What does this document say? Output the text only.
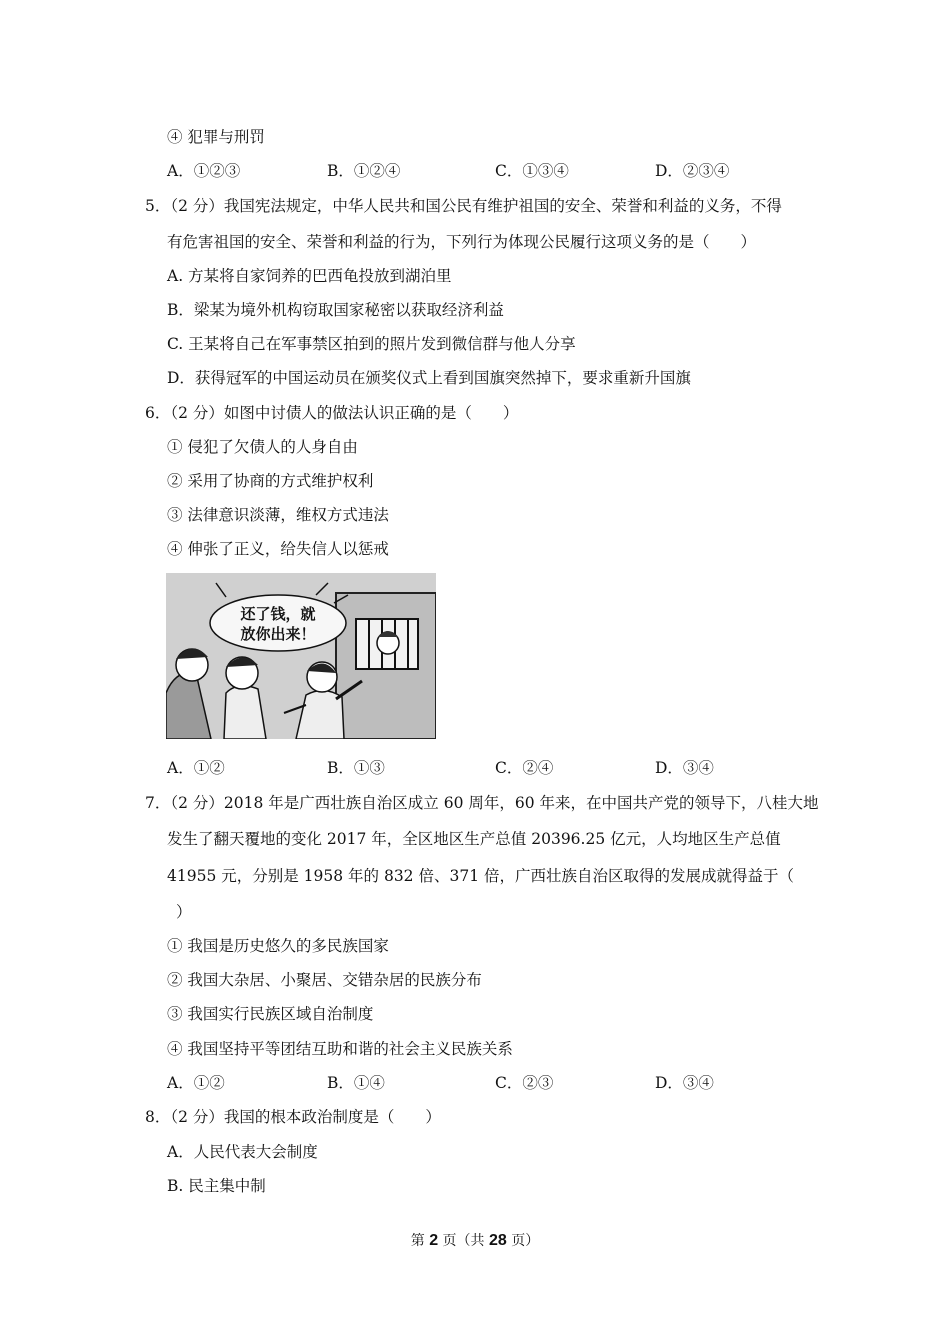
④ 犯罪与刑罚
A．①②③	B．①②④	C．①③④	D．②③④
5．（2 分）我国宪法规定，中华人民共和国公民有维护祖国的安全、荣誉和利益的义务，不得
有危害祖国的安全、荣誉和利益的行为，下列行为体现公民履行这项义务的是（　　）
A. 方某将自家饲养的巴西龟投放到湖泊里
B．梁某为境外机构窃取国家秘密以获取经济利益
C. 王某将自己在军事禁区拍到的照片发到微信群与他人分享
D．获得冠军的中国运动员在颁奖仪式上看到国旗突然掉下，要求重新升国旗
6．（2 分）如图中讨债人的做法认识正确的是（　　）
① 侵犯了欠债人的人身自由
② 采用了协商的方式维护权利
③ 法律意识淡薄，维权方式违法
④ 伸张了正义，给失信人以惩戒
还了钱，就
放你出来！
A．①②	B．①③	C．②④	D．③④
7．（2 分）2018 年是广西壮族自治区成立 60 周年，60 年来，在中国共产党的领导下，八桂大地
发生了翻天覆地的变化 2017 年，全区地区生产总值 20396.25 亿元，人均地区生产总值
41955 元，分别是 1958 年的 832 倍、371 倍，广西壮族自治区取得的发展成就得益于（
）
① 我国是历史悠久的多民族国家
② 我国大杂居、小聚居、交错杂居的民族分布
③ 我国实行民族区域自治制度
④ 我国坚持平等团结互助和谐的社会主义民族关系
A．①②	B．①④	C．②③	D．③④
8．（2 分）我国的根本政治制度是（　　）
A．人民代表大会制度
B. 民主集中制
第 2 页（共 28 页）
